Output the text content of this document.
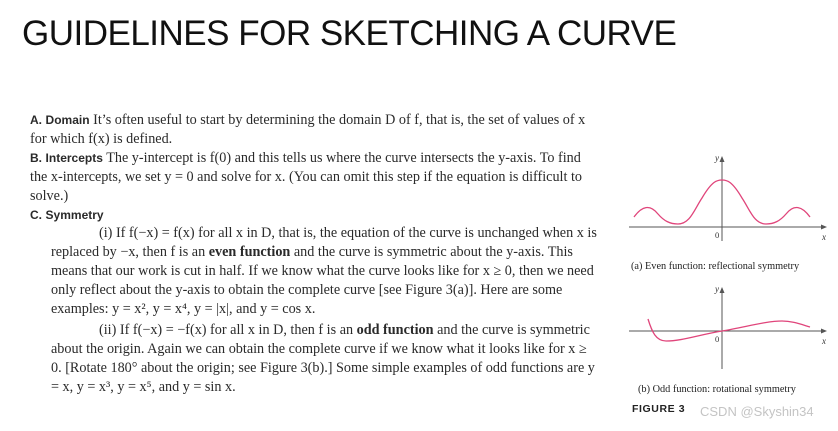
GUIDELINES FOR SKETCHING A CURVE

A. Domain It’s often useful to start by determining the domain D of f, that is, the set of values of x for which f(x) is defined.

B. Intercepts The y-intercept is f(0) and this tells us where the curve intersects the y-axis. To find the x-intercepts, we set y = 0 and solve for x. (You can omit this step if the equation is difficult to solve.)

C. Symmetry

(i) If f(−x) = f(x) for all x in D, that is, the equation of the curve is unchanged when x is replaced by −x, then f is an even function and the curve is symmetric about the y-axis. This means that our work is cut in half. If we know what the curve looks like for x ≥ 0, then we need only reflect about the y-axis to obtain the complete curve [see Figure 3(a)]. Here are some examples: y = x², y = x⁴, y = |x|, and y = cos x.

(ii) If f(−x) = −f(x) for all x in D, then f is an odd function and the curve is symmetric about the origin. Again we can obtain the complete curve if we know what it looks like for x ≥ 0. [Rotate 180° about the origin; see Figure 3(b).] Some simple examples of odd functions are y = x, y = x³, y = x⁵, and y = sin x.

y
x
0
(a) Even function: reflectional symmetry
y
x
0
(b) Odd function: rotational symmetry
FIGURE 3 CSDN @Skyshin34
